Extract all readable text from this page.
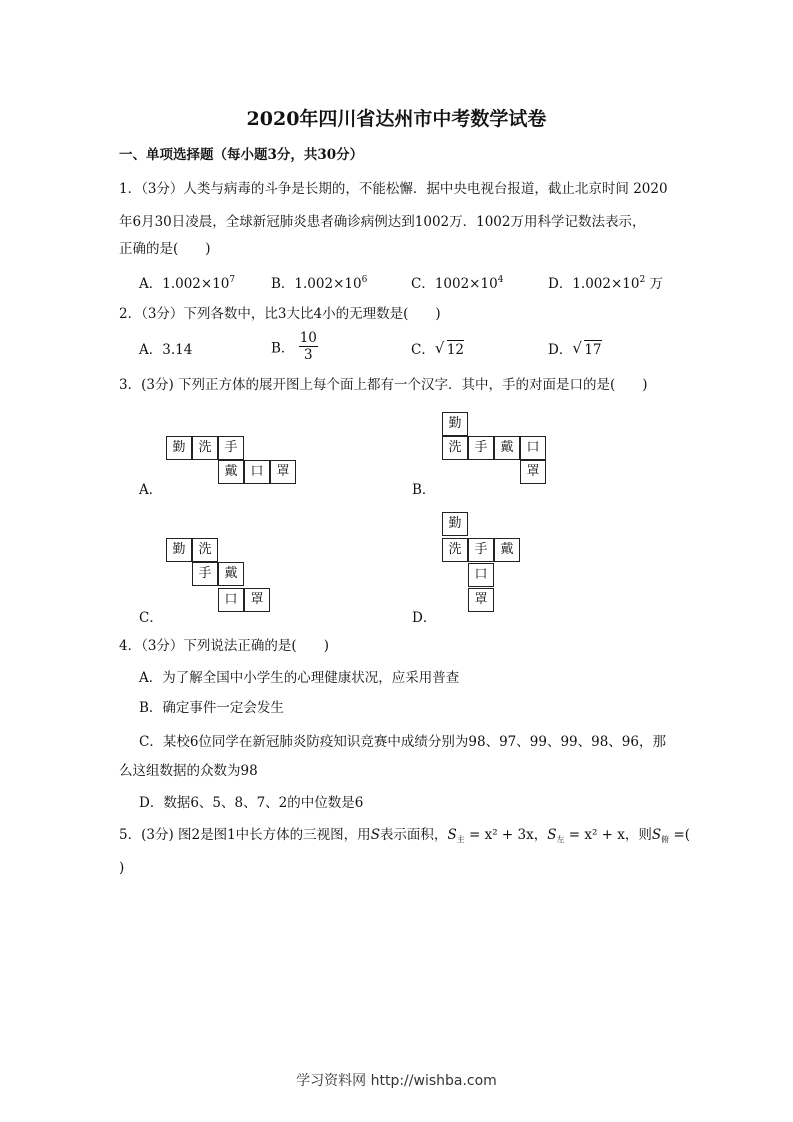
2020年四川省达州市中考数学试卷
一、单项选择题（每小题3分，共30分）
1．（3分）人类与病毒的斗争是长期的，不能松懈．据中央电视台报道，截止北京时间 2020
年6月30日凌晨，全球新冠肺炎患者确诊病例达到1002万．1002万用科学记数法表示，
正确的是(　　)
A．$1.002\times 10^7$	B．$1.002\times 10^6$	C．$1002\times 10^4$	D．$1.002\times 10^2$ 万
2．（3分）下列各数中，比3大比4小的无理数是(　　)
A．3.14	B． $\frac{10}{3}$	C． √ 12	D． √ 17
3．(3分) 下列正方体的展开图上每个面上都有一个汉字．其中，手的对面是口的是(　　)
勤 洗 手
戴 口 罩
A．
勤
洗 手 戴 口
罩
B．
勤 洗
手 戴
口 罩
C．
勤
洗 手 戴
口
罩
D．
4．（3分）下列说法正确的是(　　)
A．为了解全国中小学生的心理健康状况，应采用普查
B．确定事件一定会发生
C．某校6位同学在新冠肺炎防疫知识竞赛中成绩分别为98、97、99、99、98、96，那
么这组数据的众数为98
D．数据6、5、8、7、2的中位数是6
5．(3分) 图2是图1中长方体的三视图，用S表示面积，$S_主 = x^2 + 3x$，$S_左 = x^2 + x$，则$S_俯$ =(
)
学习资料网 http://wishba.com
